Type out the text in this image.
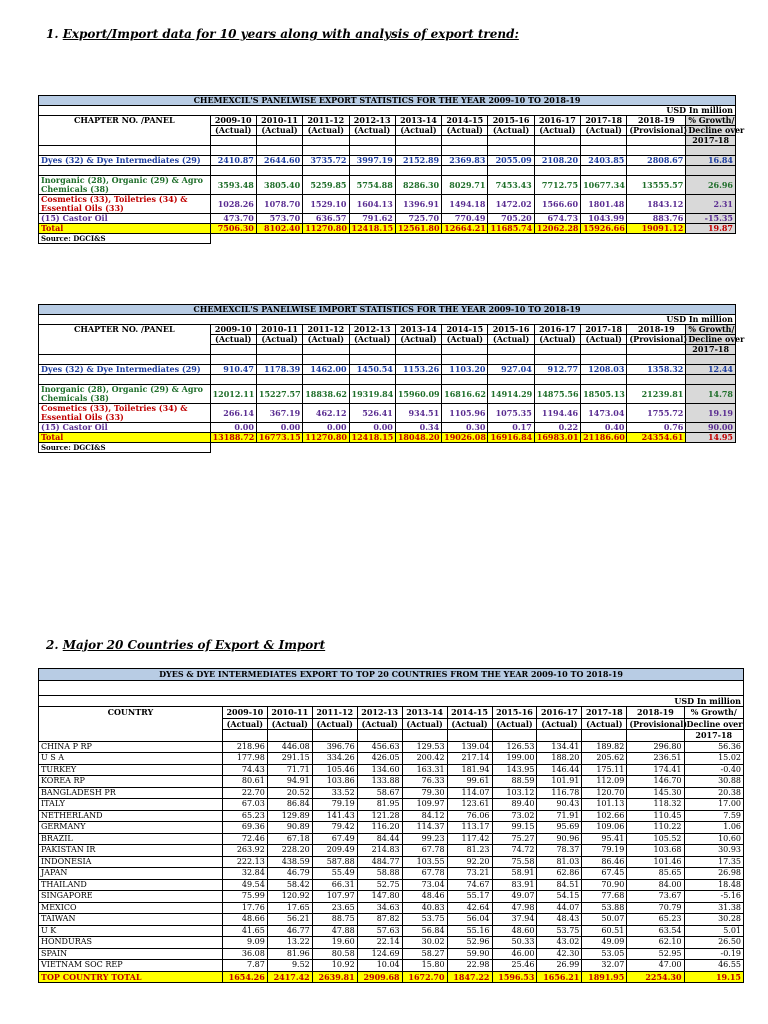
1. Export/Import data for 10 years along with analysis of export trend:
CHEMEXCIL'S PANELWISE EXPORT STATISTICS FOR THE YEAR 2009-10 TO 2018-19											
USD In million											
CHAPTER NO. /PANEL	2009-10	2010-11	2011-12	2012-13	2013-14	2014-15	2015-16	2016-17	2017-18	2018-19	% Growth/
	(Actual)	(Actual)	(Actual)	(Actual)	(Actual)	(Actual)	(Actual)	(Actual)	(Actual)	(Provisional)	Decline over
											2017-18

Dyes (32) & Dye Intermediates (29)	2410.87	2644.60	3735.72	3997.19	2152.89	2369.83	2055.09	2108.20	2403.85	2808.67	16.84

Inorganic (28), Organic (29) & Agro Chemicals (38)	3593.48	3805.40	5259.85	5754.88	8286.30	8029.71	7453.43	7712.75	10677.34	13555.57	26.96
Cosmetics (33), Toiletries (34) & Essential Oils (33)	1028.26	1078.70	1529.10	1604.13	1396.91	1494.18	1472.02	1566.60	1801.48	1843.12	2.31
(15) Castor Oil	473.70	573.70	636.57	791.62	725.70	770.49	705.20	674.73	1043.99	883.76	-15.35
Total	7506.30	8102.40	11270.80	12418.15	12561.80	12664.21	11685.74	12062.28	15926.66	19091.12	19.87
Source: DGCI&S											
CHEMEXCIL'S PANELWISE IMPORT STATISTICS FOR THE YEAR 2009-10 TO 2018-19											
USD In million											
CHAPTER NO. /PANEL	2009-10	2010-11	2011-12	2012-13	2013-14	2014-15	2015-16	2016-17	2017-18	2018-19	% Growth/
	(Actual)	(Actual)	(Actual)	(Actual)	(Actual)	(Actual)	(Actual)	(Actual)	(Actual)	(Provisional)	Decline over
											2017-18

Dyes (32) & Dye Intermediates (29)	910.47	1178.39	1462.00	1450.54	1153.26	1103.20	927.04	912.77	1208.03	1358.32	12.44

Inorganic (28), Organic (29) & Agro Chemicals (38)	12012.11	15227.57	18838.62	19319.84	15960.09	16816.62	14914.29	14875.56	18505.13	21239.81	14.78
Cosmetics (33), Toiletries (34) & Essential Oils (33)	266.14	367.19	462.12	526.41	934.51	1105.96	1075.35	1194.46	1473.04	1755.72	19.19
(15) Castor Oil	0.00	0.00	0.00	0.00	0.34	0.30	0.17	0.22	0.40	0.76	90.00
Total	13188.72	16773.15	11270.80	12418.15	18048.20	19026.08	16916.84	16983.01	21186.60	24354.61	14.95
Source: DGCI&S											
2. Major 20 Countries of Export & Import
DYES & DYE INTERMEDIATES EXPORT TO TOP 20 COUNTRIES FROM THE YEAR 2009-10 TO 2018-19											

USD In million											
COUNTRY	2009-10	2010-11	2011-12	2012-13	2013-14	2014-15	2015-16	2016-17	2017-18	2018-19	% Growth/
	(Actual)	(Actual)	(Actual)	(Actual)	(Actual)	(Actual)	(Actual)	(Actual)	(Actual)	(Provisional)	Decline over
											2017-18
CHINA P RP	218.96	446.08	396.76	456.63	129.53	139.04	126.53	134.41	189.82	296.80	56.36
U S A	177.98	291.15	334.26	426.05	200.42	217.14	199.00	188.20	205.62	236.51	15.02
TURKEY	74.43	71.71	105.46	134.60	163.31	181.94	143.95	146.44	175.11	174.41	-0.40
KOREA RP	80.61	94.91	103.86	133.88	76.33	99.61	88.59	101.91	112.09	146.70	30.88
BANGLADESH PR	22.70	20.52	33.52	58.67	79.30	114.07	103.12	116.78	120.70	145.30	20.38
ITALY	67.03	86.84	79.19	81.95	109.97	123.61	89.40	90.43	101.13	118.32	17.00
NETHERLAND	65.23	129.89	141.43	121.28	84.12	76.06	73.02	71.91	102.66	110.45	7.59
GERMANY	69.36	90.89	79.42	116.20	114.37	113.17	99.15	95.69	109.06	110.22	1.06
BRAZIL	72.46	67.18	67.49	84.44	99.23	117.42	75.27	90.96	95.41	105.52	10.60
PAKISTAN IR	263.92	228.20	209.49	214.83	67.78	81.23	74.72	78.37	79.19	103.68	30.93
INDONESIA	222.13	438.59	587.88	484.77	103.55	92.20	75.58	81.03	86.46	101.46	17.35
JAPAN	32.84	46.79	55.49	58.88	67.78	73.21	58.91	62.86	67.45	85.65	26.98
THAILAND	49.54	58.42	66.31	52.75	73.04	74.67	83.91	84.51	70.90	84.00	18.48
SINGAPORE	75.99	120.92	107.97	147.80	48.46	55.17	49.07	54.15	77.68	73.67	-5.16
MEXICO	17.76	17.65	23.65	34.63	40.83	42.64	47.98	44.07	53.88	70.79	31.38
TAIWAN	48.66	56.21	88.75	87.82	53.75	56.04	37.94	48.43	50.07	65.23	30.28
U K	41.65	46.77	47.88	57.63	56.84	55.16	48.60	53.75	60.51	63.54	5.01
HONDURAS	9.09	13.22	19.60	22.14	30.02	52.96	50.33	43.02	49.09	62.10	26.50
SPAIN	36.08	81.96	80.58	124.69	58.27	59.90	46.00	42.30	53.05	52.95	-0.19
VIETNAM SOC REP	7.87	9.52	10.92	10.04	15.80	22.98	25.46	26.99	32.07	47.00	46.55
TOP COUNTRY TOTAL	1654.26	2417.42	2639.81	2909.68	1672.70	1847.22	1596.53	1656.21	1891.95	2254.30	19.15
